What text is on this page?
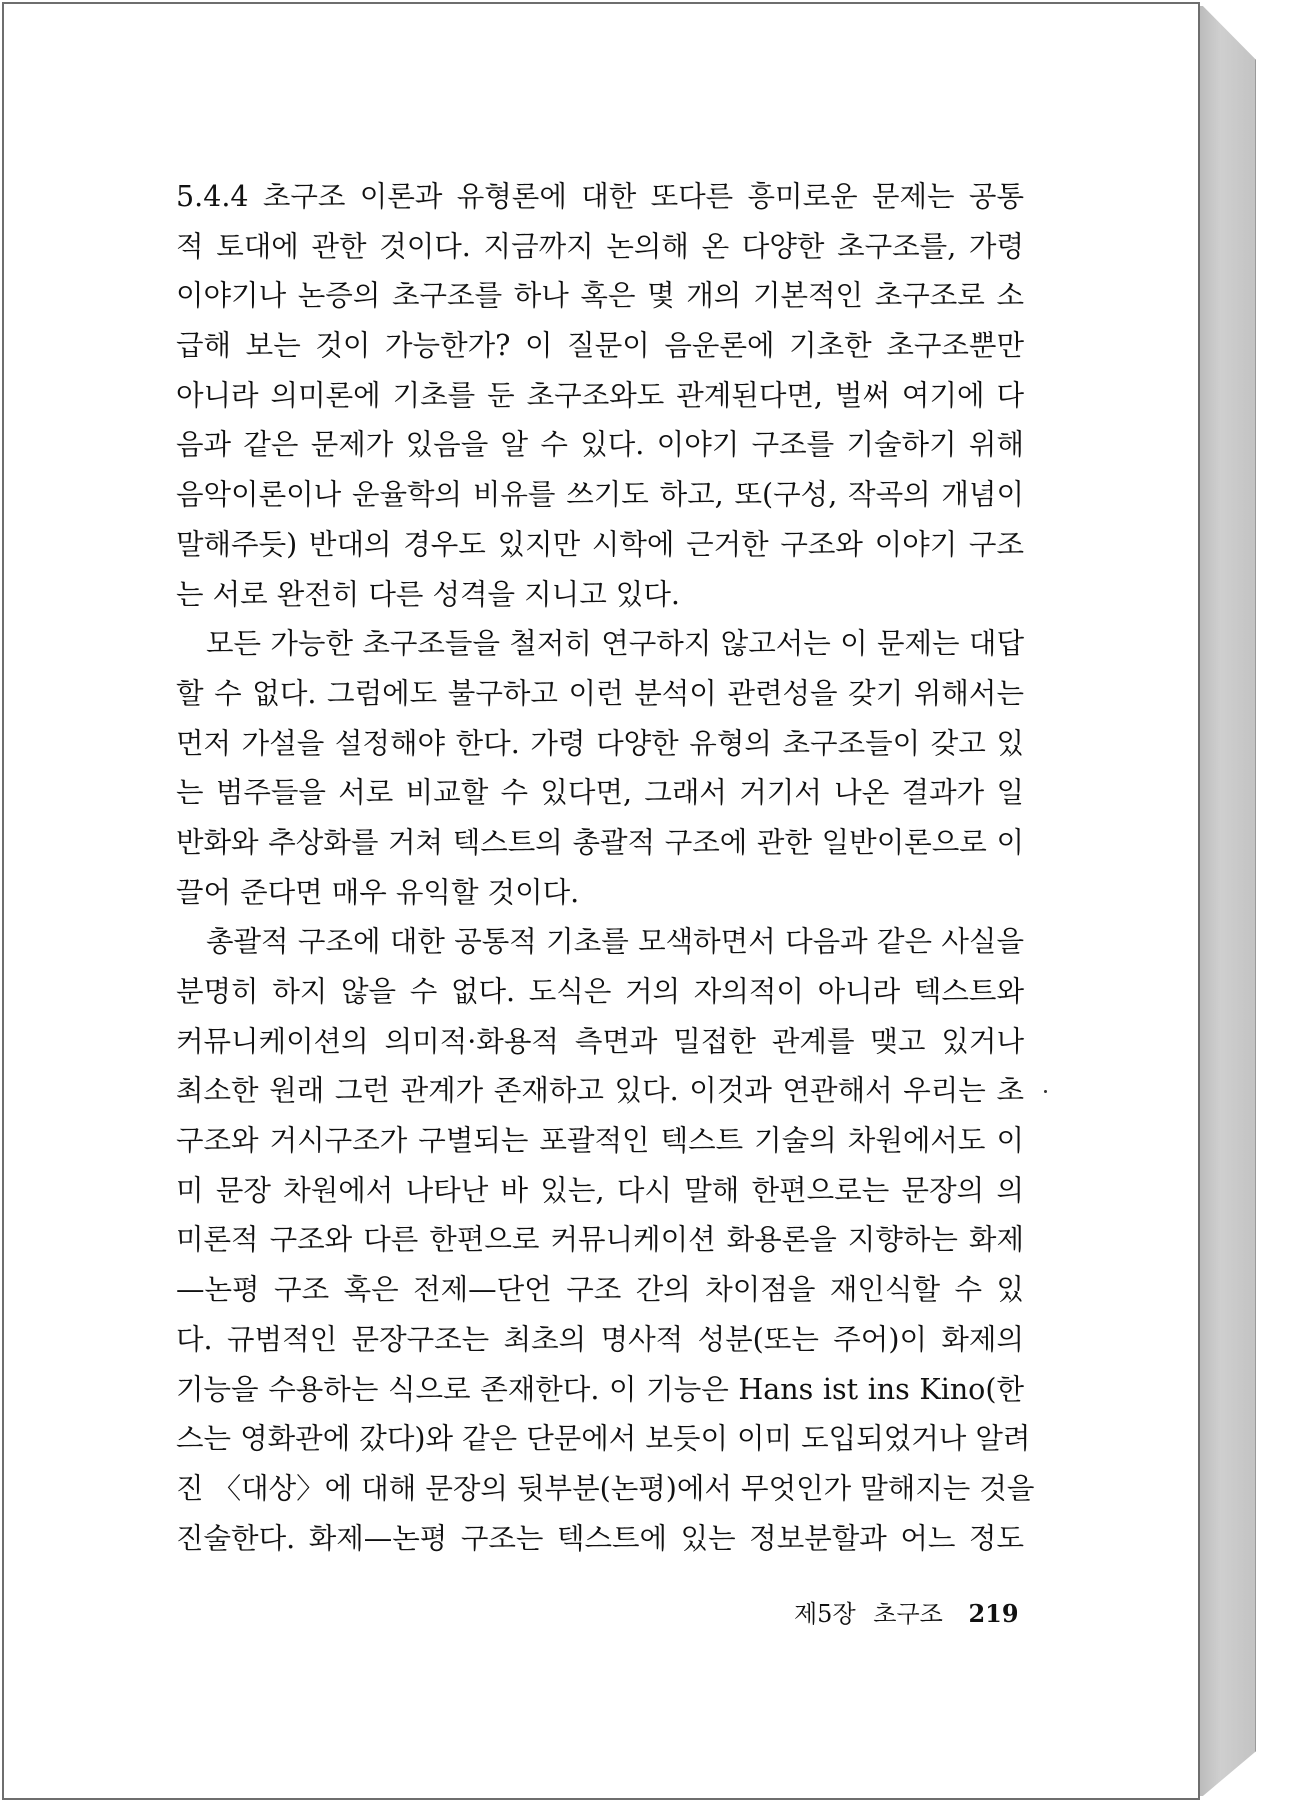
5.4.4 초구조 이론과 유형론에 대한 또다른 흥미로운 문제는 공통
적 토대에 관한 것이다. 지금까지 논의해 온 다양한 초구조를, 가령
이야기나 논증의 초구조를 하나 혹은 몇 개의 기본적인 초구조로 소
급해 보는 것이 가능한가? 이 질문이 음운론에 기초한 초구조뿐만
아니라 의미론에 기초를 둔 초구조와도 관계된다면, 벌써 여기에 다
음과 같은 문제가 있음을 알 수 있다. 이야기 구조를 기술하기 위해
음악이론이나 운율학의 비유를 쓰기도 하고, 또(구성, 작곡의 개념이
말해주듯) 반대의 경우도 있지만 시학에 근거한 구조와 이야기 구조
는 서로 완전히 다른 성격을 지니고 있다.
모든 가능한 초구조들을 철저히 연구하지 않고서는 이 문제는 대답
할 수 없다. 그럼에도 불구하고 이런 분석이 관련성을 갖기 위해서는
먼저 가설을 설정해야 한다. 가령 다양한 유형의 초구조들이 갖고 있
는 범주들을 서로 비교할 수 있다면, 그래서 거기서 나온 결과가 일
반화와 추상화를 거쳐 텍스트의 총괄적 구조에 관한 일반이론으로 이
끌어 준다면 매우 유익할 것이다.
총괄적 구조에 대한 공통적 기초를 모색하면서 다음과 같은 사실을
분명히 하지 않을 수 없다. 도식은 거의 자의적이 아니라 텍스트와
커뮤니케이션의 의미적·화용적 측면과 밀접한 관계를 맺고 있거나
최소한 원래 그런 관계가 존재하고 있다. 이것과 연관해서 우리는 초
구조와 거시구조가 구별되는 포괄적인 텍스트 기술의 차원에서도 이
미 문장 차원에서 나타난 바 있는, 다시 말해 한편으로는 문장의 의
미론적 구조와 다른 한편으로 커뮤니케이션 화용론을 지향하는 화제
—논평 구조 혹은 전제—단언 구조 간의 차이점을 재인식할 수 있
다. 규범적인 문장구조는 최초의 명사적 성분(또는 주어)이 화제의
기능을 수용하는 식으로 존재한다. 이 기능은 Hans ist ins Kino(한
스는 영화관에 갔다)와 같은 단문에서 보듯이 이미 도입되었거나 알려
진 〈대상〉에 대해 문장의 뒷부분(논평)에서 무엇인가 말해지는 것을
진술한다. 화제—논평 구조는 텍스트에 있는 정보분할과 어느 정도
제5장 초구조 219
